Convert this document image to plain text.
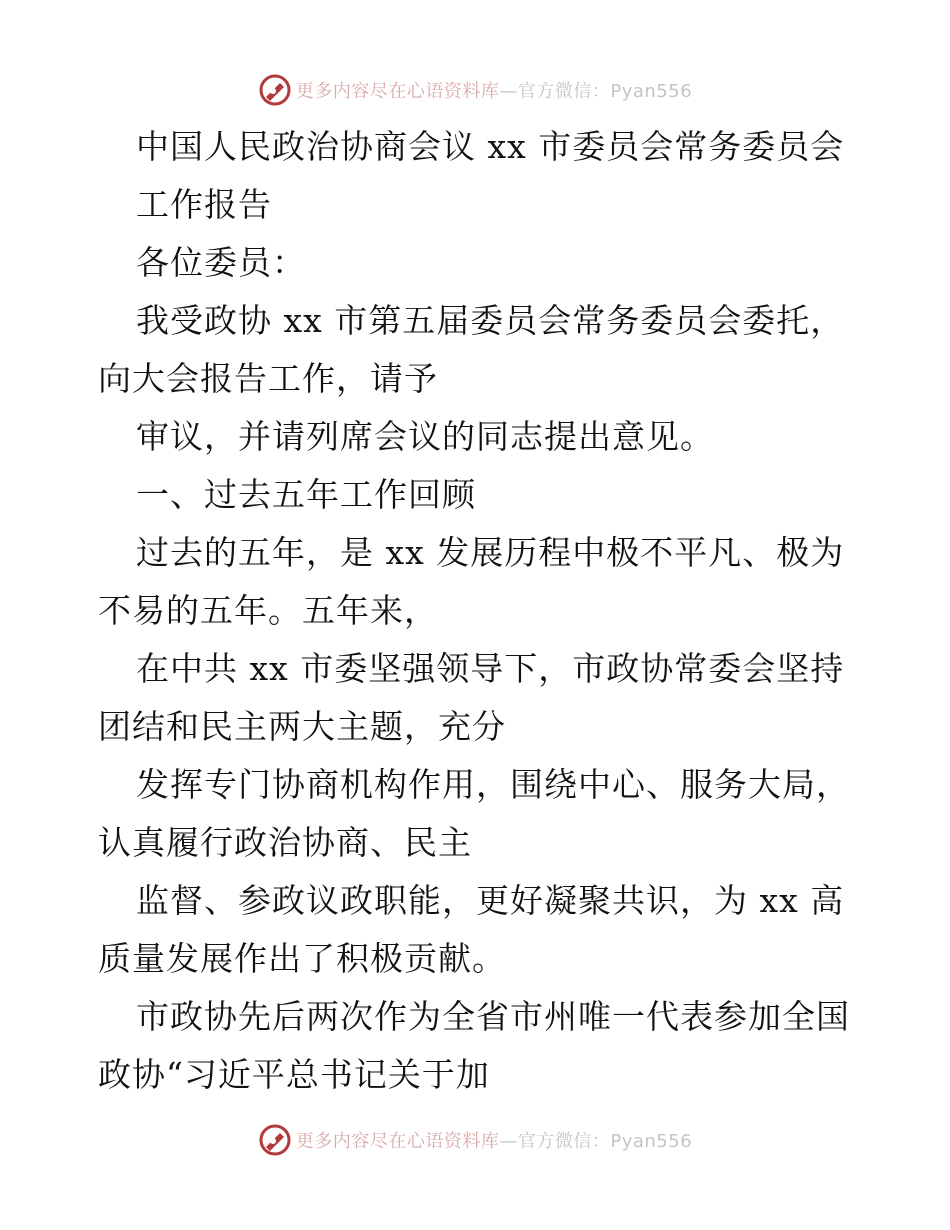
更多内容尽在心语资料库 —官方微信：Pyan556
中国人民政治协商会议 xx 市委员会常务委员会
工作报告
各位委员：
我受政协 xx 市第五届委员会常务委员会委托，
向大会报告工作，请予
审议，并请列席会议的同志提出意见。
一、过去五年工作回顾
过去的五年，是 xx 发展历程中极不平凡、极为
不易的五年。五年来，
在中共 xx 市委坚强领导下，市政协常委会坚持
团结和民主两大主题，充分
发挥专门协商机构作用，围绕中心、服务大局，
认真履行政治协商、民主
监督、参政议政职能，更好凝聚共识，为 xx 高
质量发展作出了积极贡献。
市政协先后两次作为全省市州唯一代表参加全国
政协“习近平总书记关于加
更多内容尽在心语资料库 —官方微信：Pyan556
